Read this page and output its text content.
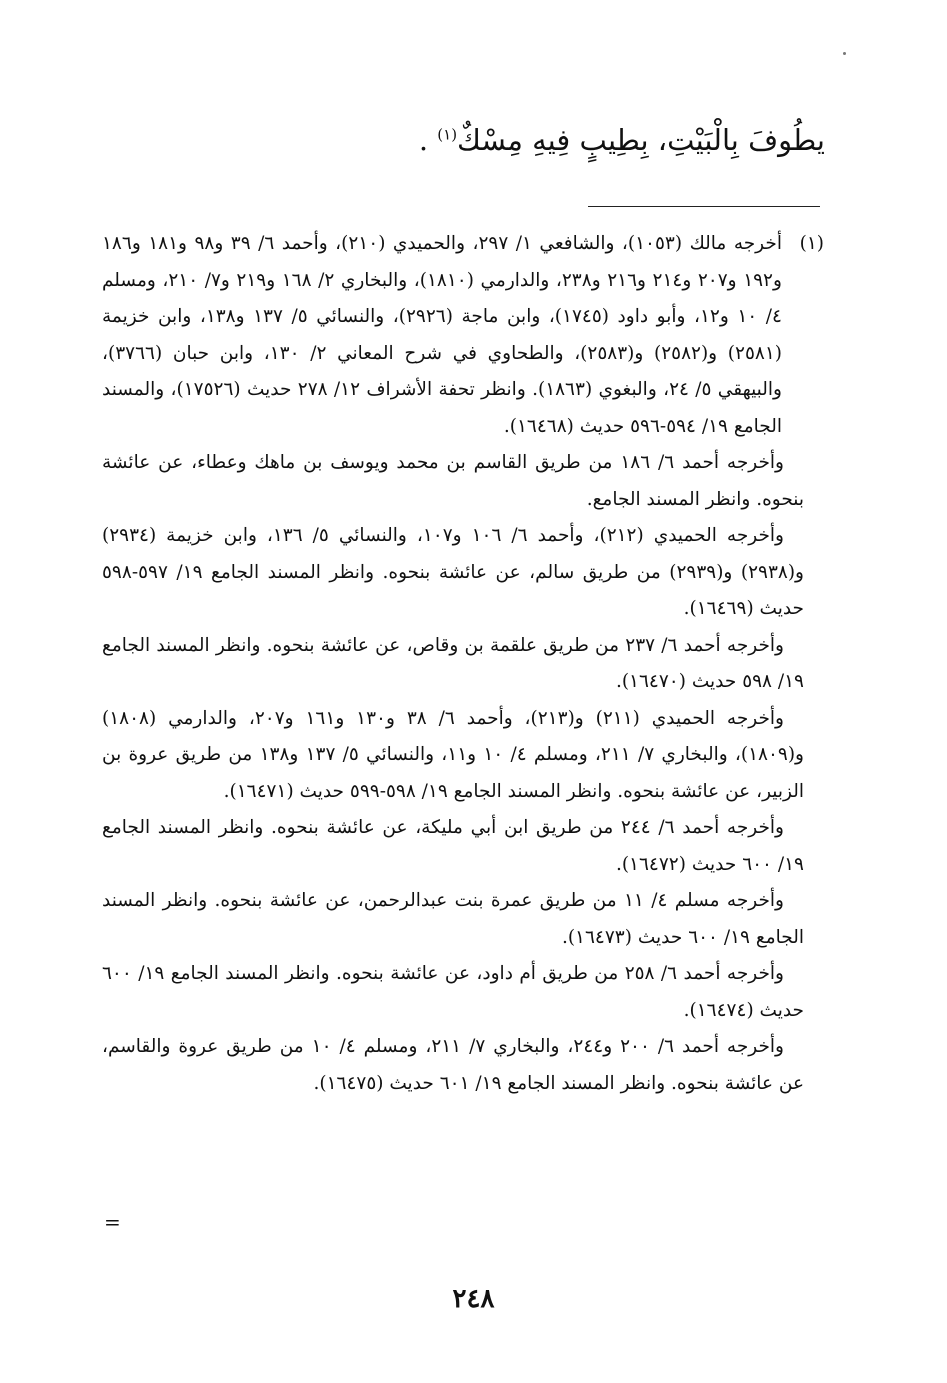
يطُوفَ بِالْبَيْتِ، بِطِيبٍ فِيهِ مِسْكٌ$^{(١)}$ .

(١)
أخرجه مالك (١٠٥٣)، والشافعي ١/ ٢٩٧، والحميدي (٢١٠)، وأحمد ٦/ ٣٩ و٩٨ و١٨١ و١٨٦ و١٩٢ و٢٠٧ و٢١٤ و٢١٦ و٢٣٨، والدارمي (١٨١٠)، والبخاري ٢/ ١٦٨ و٢١٩ و٧/ ٢١٠، ومسلم ٤/ ١٠ و١٢، وأبو داود (١٧٤٥)، وابن ماجة (٢٩٢٦)، والنسائي ٥/ ١٣٧ و١٣٨، وابن خزيمة (٢٥٨١) و(٢٥٨٢) و(٢٥٨٣)، والطحاوي في شرح المعاني ٢/ ١٣٠، وابن حبان (٣٧٦٦)، والبيهقي ٥/ ٢٤، والبغوي (١٨٦٣). وانظر تحفة الأشراف ١٢/ ٢٧٨ حديث (١٧٥٢٦)، والمسند الجامع ١٩/ ٥٩٤-٥٩٦ حديث (١٦٤٦٨).

وأخرجه أحمد ٦/ ١٨٦ من طريق القاسم بن محمد ويوسف بن ماهك وعطاء، عن عائشة بنحوه. وانظر المسند الجامع.

وأخرجه الحميدي (٢١٢)، وأحمد ٦/ ١٠٦ و١٠٧، والنسائي ٥/ ١٣٦، وابن خزيمة (٢٩٣٤) و(٢٩٣٨) و(٢٩٣٩) من طريق سالم، عن عائشة بنحوه. وانظر المسند الجامع ١٩/ ٥٩٧-٥٩٨ حديث (١٦٤٦٩).

وأخرجه أحمد ٦/ ٢٣٧ من طريق علقمة بن وقاص، عن عائشة بنحوه. وانظر المسند الجامع ١٩/ ٥٩٨ حديث (١٦٤٧٠).

وأخرجه الحميدي (٢١١) و(٢١٣)، وأحمد ٦/ ٣٨ و١٣٠ و١٦١ و٢٠٧، والدارمي (١٨٠٨) و(١٨٠٩)، والبخاري ٧/ ٢١١، ومسلم ٤/ ١٠ و١١، والنسائي ٥/ ١٣٧ و١٣٨ من طريق عروة بن الزبير، عن عائشة بنحوه. وانظر المسند الجامع ١٩/ ٥٩٨-٥٩٩ حديث (١٦٤٧١).

وأخرجه أحمد ٦/ ٢٤٤ من طريق ابن أبي مليكة، عن عائشة بنحوه. وانظر المسند الجامع ١٩/ ٦٠٠ حديث (١٦٤٧٢).

وأخرجه مسلم ٤/ ١١ من طريق عمرة بنت عبدالرحمن، عن عائشة بنحوه. وانظر المسند الجامع ١٩/ ٦٠٠ حديث (١٦٤٧٣).

وأخرجه أحمد ٦/ ٢٥٨ من طريق أم داود، عن عائشة بنحوه. وانظر المسند الجامع ١٩/ ٦٠٠ حديث (١٦٤٧٤).

وأخرجه أحمد ٦/ ٢٠٠ و٢٤٤، والبخاري ٧/ ٢١١، ومسلم ٤/ ١٠ من طريق عروة والقاسم، عن عائشة بنحوه. وانظر المسند الجامع ١٩/ ٦٠١ حديث (١٦٤٧٥).

=
٢٤٨
